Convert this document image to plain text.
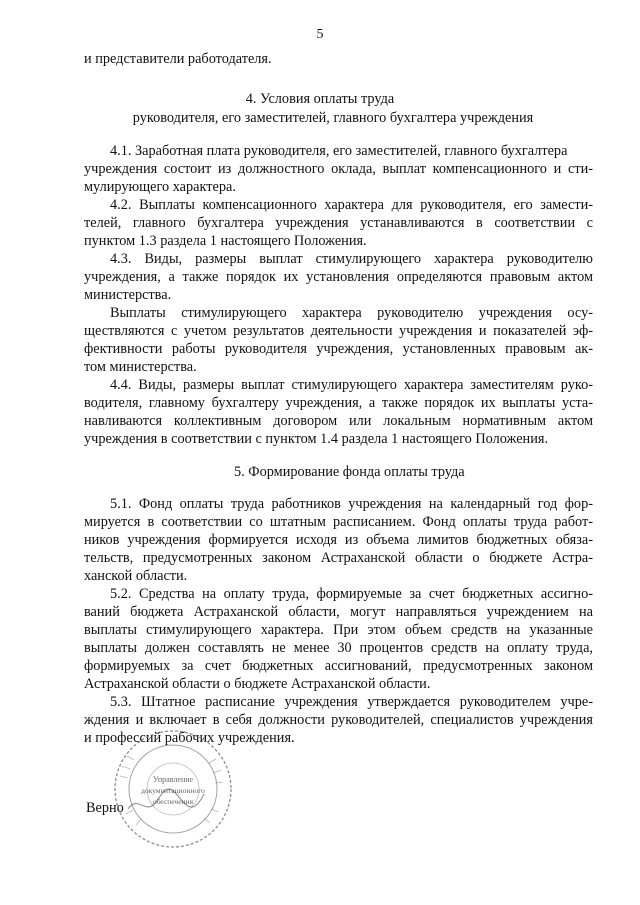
5
и представители работодателя.
4. Условия оплаты труда
руководителя, его заместителей, главного бухгалтера учреждения
4.1. Заработная плата руководителя, его заместителей, главного бухгалтера
учреждения состоит из должностного оклада, выплат компенсационного и сти-
мулирующего характера.
4.2. Выплаты компенсационного характера для руководителя, его замести-
телей, главного бухгалтера учреждения устанавливаются в соответствии с
пунктом 1.3 раздела 1 настоящего Положения.
4.3. Виды, размеры выплат стимулирующего характера руководителю
учреждения, а также порядок их установления определяются правовым актом
министерства.
Выплаты стимулирующего характера руководителю учреждения осу-
ществляются с учетом результатов деятельности учреждения и показателей эф-
фективности работы руководителя учреждения, установленных правовым ак-
том министерства.
4.4. Виды, размеры выплат стимулирующего характера заместителям руко-
водителя, главному бухгалтеру учреждения, а также порядок их выплаты уста-
навливаются коллективным договором или локальным нормативным актом
учреждения в соответствии с пунктом 1.4 раздела 1 настоящего Положения.
5. Формирование фонда оплаты труда
5.1. Фонд оплаты труда работников учреждения на календарный год фор-
мируется в соответствии со штатным расписанием. Фонд оплаты труда работ-
ников учреждения формируется исходя из объема лимитов бюджетных обяза-
тельств, предусмотренных законом Астраханской области о бюджете Астра-
ханской области.
5.2. Средства на оплату труда, формируемые за счет бюджетных ассигно-
ваний бюджета Астраханской области, могут направляться учреждением на
выплаты стимулирующего характера. При этом объем средств на указанные
выплаты должен составлять не менее 30 процентов средств на оплату труда,
формируемых за счет бюджетных ассигнований, предусмотренных законом
Астраханской области о бюджете Астраханской области.
5.3. Штатное расписание учреждения утверждается руководителем учре-
ждения и включает в себя должности руководителей, специалистов учреждения
и профессий рабочих учреждения.
Верно
Управление
документационного
обеспечения
